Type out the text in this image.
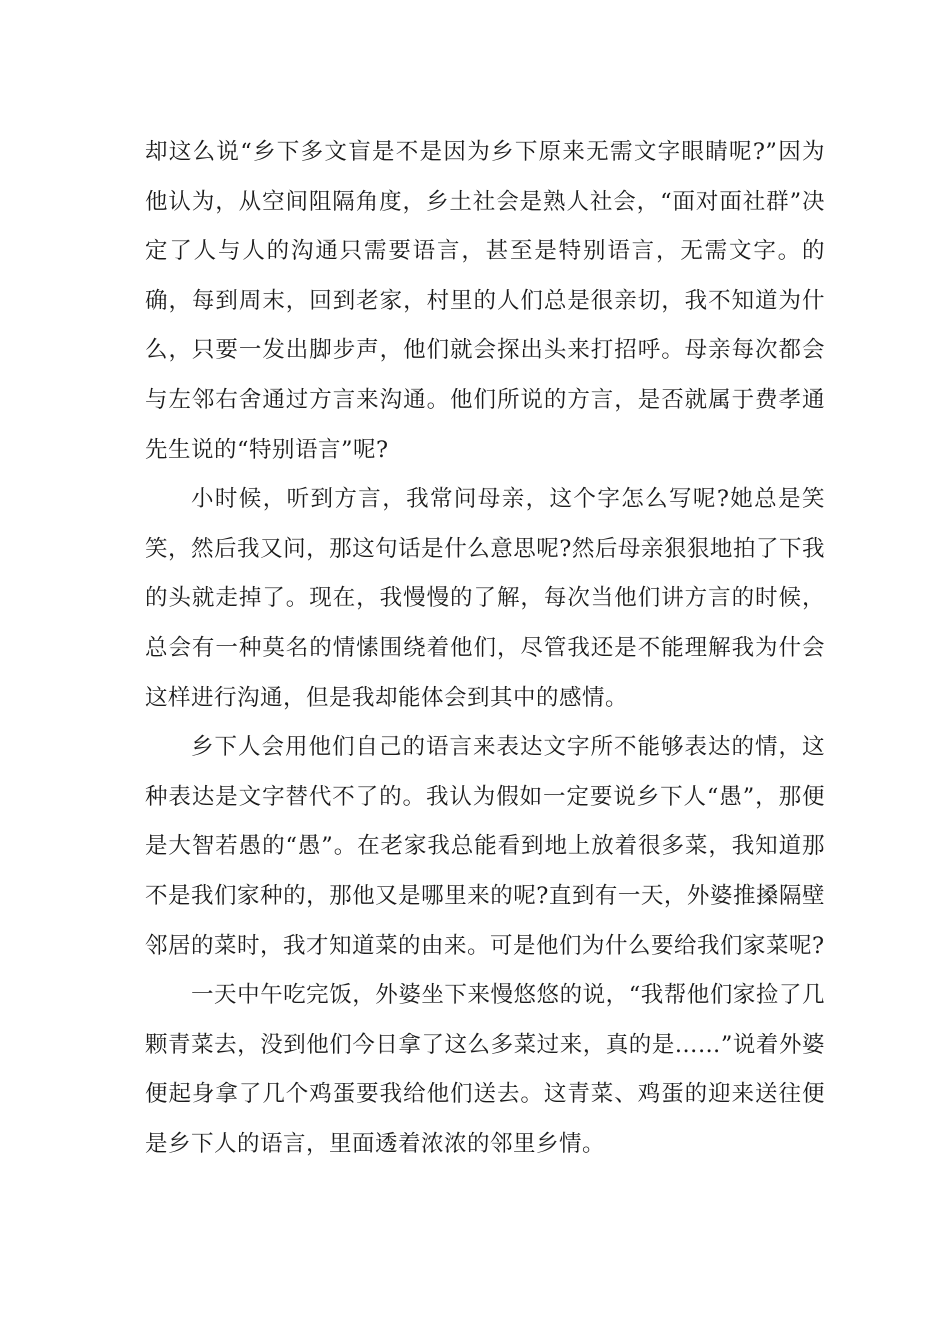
却这么说“乡下多文盲是不是因为乡下原来无需文字眼睛呢?”因为他认为，从空间阻隔角度，乡土社会是熟人社会，“面对面社群”决定了人与人的沟通只需要语言，甚至是特别语言，无需文字。的确，每到周末，回到老家，村里的人们总是很亲切，我不知道为什么，只要一发出脚步声，他们就会探出头来打招呼。母亲每次都会与左邻右舍通过方言来沟通。他们所说的方言，是否就属于费孝通先生说的“特别语言”呢?

小时候，听到方言，我常问母亲，这个字怎么写呢?她总是笑笑，然后我又问，那这句话是什么意思呢?然后母亲狠狠地拍了下我的头就走掉了。现在，我慢慢的了解，每次当他们讲方言的时候，总会有一种莫名的情愫围绕着他们，尽管我还是不能理解我为什会这样进行沟通，但是我却能体会到其中的感情。

乡下人会用他们自己的语言来表达文字所不能够表达的情，这种表达是文字替代不了的。我认为假如一定要说乡下人“愚”，那便是大智若愚的“愚”。在老家我总能看到地上放着很多菜，我知道那不是我们家种的，那他又是哪里来的呢?直到有一天，外婆推搡隔壁邻居的菜时，我才知道菜的由来。可是他们为什么要给我们家菜呢?

一天中午吃完饭，外婆坐下来慢悠悠的说，“我帮他们家捡了几颗青菜去，没到他们今日拿了这么多菜过来，真的是...…”说着外婆便起身拿了几个鸡蛋要我给他们送去。这青菜、鸡蛋的迎来送往便是乡下人的语言，里面透着浓浓的邻里乡情。
